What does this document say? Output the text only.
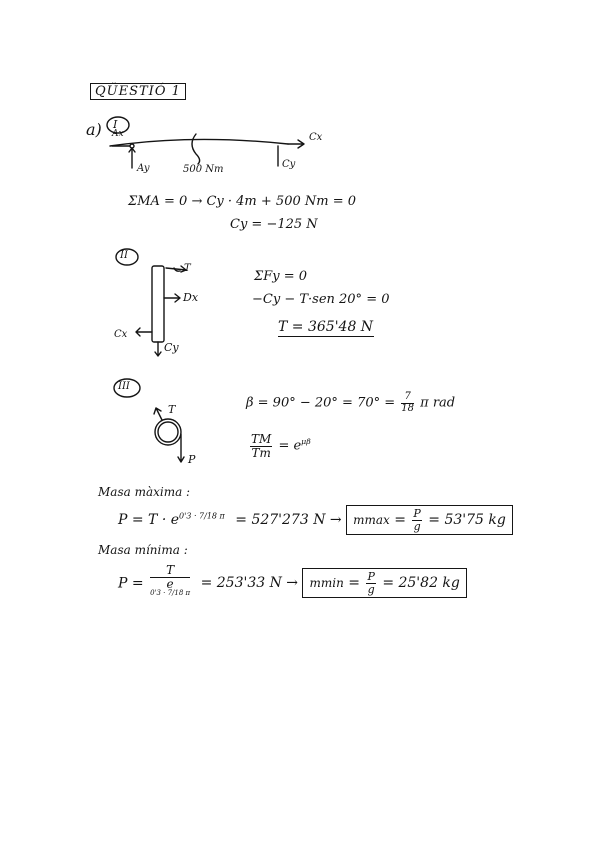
QÜESTIÓ 1
a) I
Ax
Ay	500 Nm
Cx
Cy
ΣMA = 0 → Cy · 4m + 500 Nm = 0
Cy = −125 N
II
T
Dx
Cx
Cy
ΣFy = 0
−Cy − T·sen 20° = 0
T = 365'48 N
III
T
P
$\beta = 90^\circ - 20^\circ = 70^\circ = \frac{7}{18}$ π rad
$\frac{TM}{Tm} = e^{\mu\beta}$
Masa màxima :
$P = T \cdot e^{0'3 \cdot 7/18 \pi} = 527'273$ $N \to mmax = \frac{P}{g} = 53'75$ kg
Masa mínima :
P = T
e
$^{0'3 \cdot 7/18 \pi}$ = 253'33 $N \to mmin = \frac{P}{g} = 25'82$ kg
